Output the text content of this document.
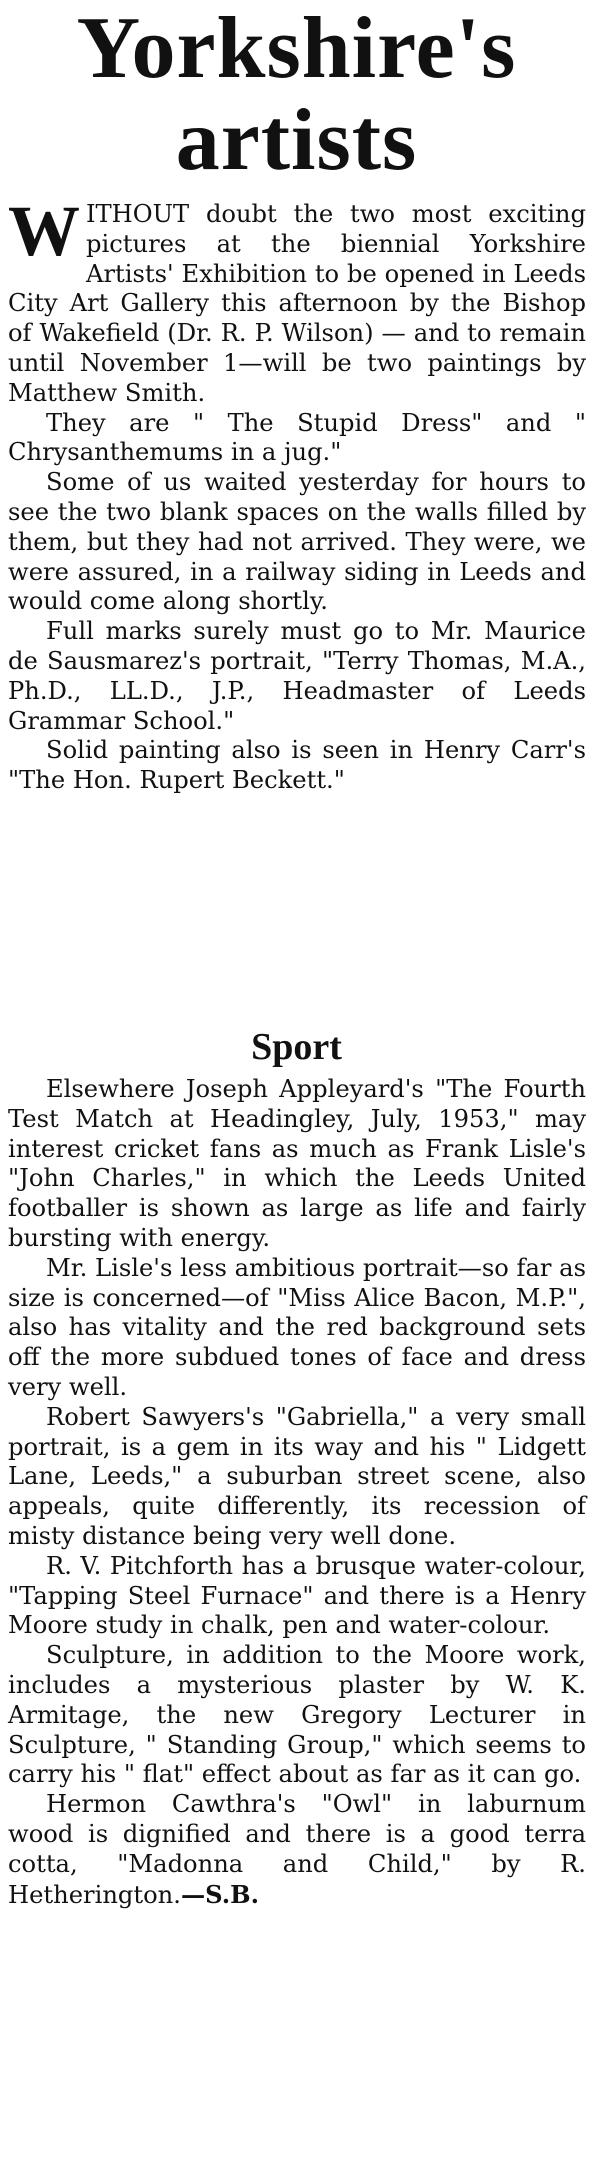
Yorkshire's
artists

WITHOUT doubt the two most exciting pictures at the biennial Yorkshire Artists' Exhibition to be opened in Leeds City Art Gallery this afternoon by the Bishop of Wakefield (Dr. R. P. Wilson) — and to remain until November 1—will be two paintings by Matthew Smith.

They are " The Stupid Dress" and " Chrysanthemums in a jug."

Some of us waited yesterday for hours to see the two blank spaces on the walls filled by them, but they had not arrived. They were, we were assured, in a railway siding in Leeds and would come along shortly.

Full marks surely must go to Mr. Maurice de Sausmarez's portrait, "Terry Thomas, M.A., Ph.D., LL.D., J.P., Headmaster of Leeds Grammar School."

Solid painting also is seen in Henry Carr's "The Hon. Rupert Beckett."

Sport

Elsewhere Joseph Appleyard's "The Fourth Test Match at Headingley, July, 1953," may interest cricket fans as much as Frank Lisle's "John Charles," in which the Leeds United footballer is shown as large as life and fairly bursting with energy.

Mr. Lisle's less ambitious portrait—so far as size is concerned—of "Miss Alice Bacon, M.P.", also has vitality and the red background sets off the more subdued tones of face and dress very well.

Robert Sawyers's "Gabriella," a very small portrait, is a gem in its way and his " Lidgett Lane, Leeds," a suburban street scene, also appeals, quite differently, its recession of misty distance being very well done.

R. V. Pitchforth has a brusque water-colour, "Tapping Steel Furnace" and there is a Henry Moore study in chalk, pen and water-colour.

Sculpture, in addition to the Moore work, includes a mysterious plaster by W. K. Armitage, the new Gregory Lecturer in Sculpture, " Standing Group," which seems to carry his " flat" effect about as far as it can go.

Hermon Cawthra's "Owl" in laburnum wood is dignified and there is a good terra cotta, "Madonna and Child," by R. Hetherington.—S.B.
